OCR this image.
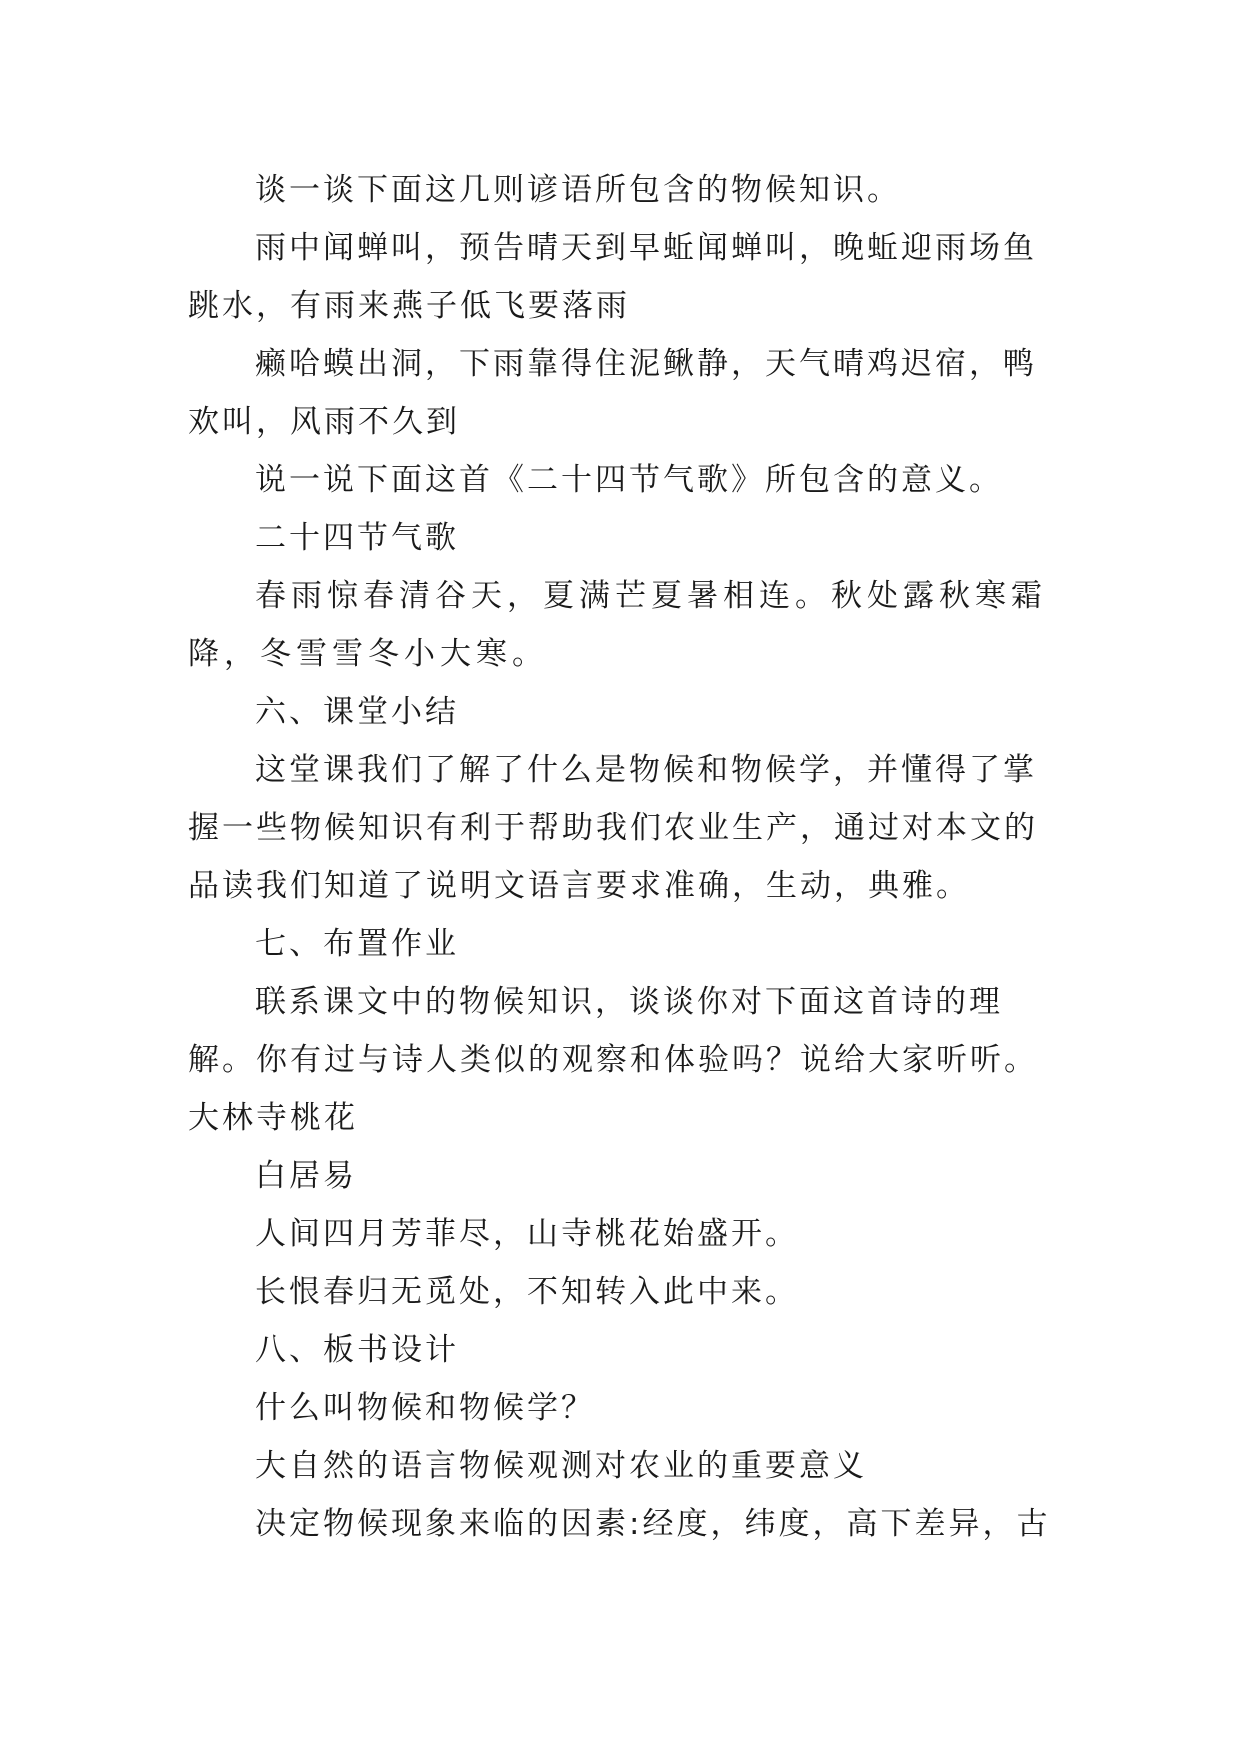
谈一谈下面这几则谚语所包含的物候知识。

雨中闻蝉叫，预告晴天到早蚯闻蝉叫，晚蚯迎雨场鱼跳水，有雨来燕子低飞要落雨

癞哈蟆出洞，下雨靠得住泥鳅静，天气晴鸡迟宿，鸭欢叫，风雨不久到

说一说下面这首《二十四节气歌》所包含的意义。

二十四节气歌

春雨惊春清谷天，夏满芒夏暑相连。秋处露秋寒霜降，冬雪雪冬小大寒。

六、课堂小结

这堂课我们了解了什么是物候和物候学，并懂得了掌握一些物候知识有利于帮助我们农业生产，通过对本文的品读我们知道了说明文语言要求准确，生动，典雅。

七、布置作业

联系课文中的物候知识，谈谈你对下面这首诗的理解。你有过与诗人类似的观察和体验吗？说给大家听听。大林寺桃花

白居易

人间四月芳菲尽，山寺桃花始盛开。

长恨春归无觅处，不知转入此中来。

八、板书设计

什么叫物候和物候学？

大自然的语言物候观测对农业的重要意义

决定物候现象来临的因素:经度，纬度，高下差异，古
